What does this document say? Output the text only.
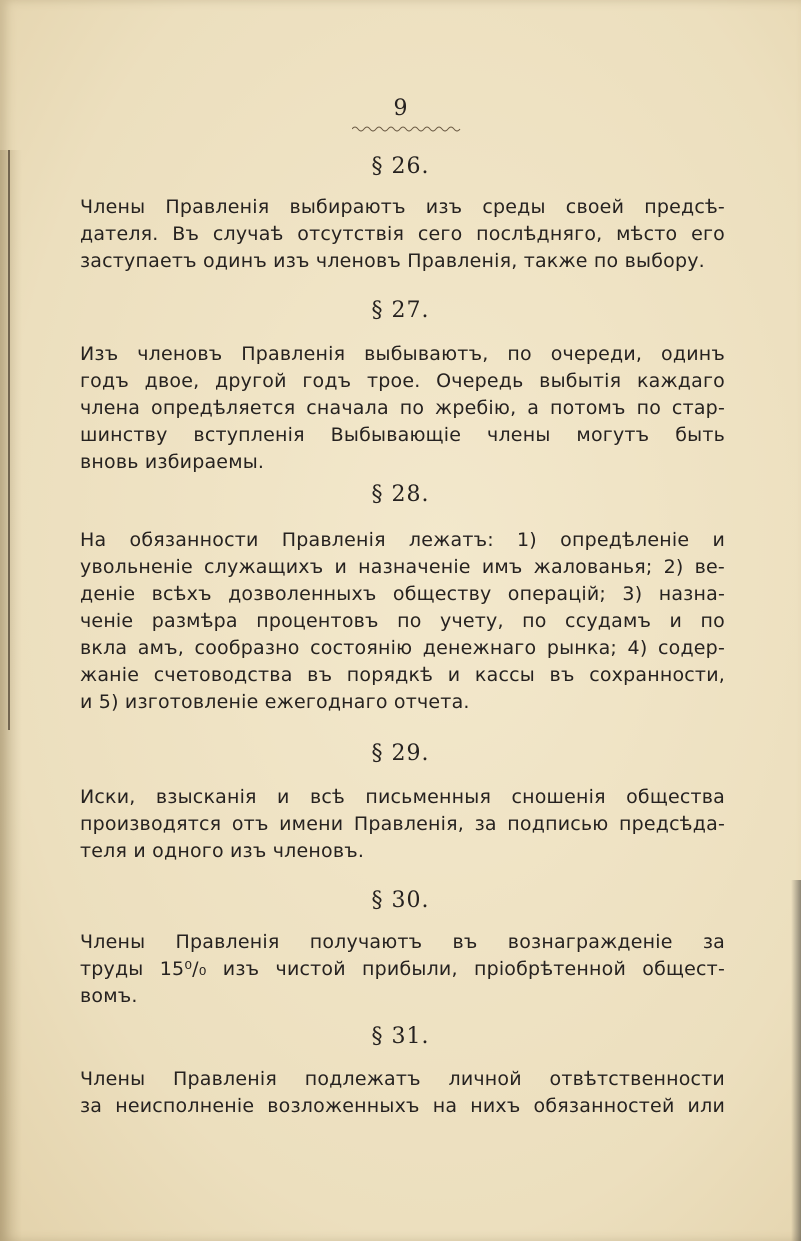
9
§ 26.
Члены Правленія выбираютъ изъ среды своей предсѣ-
дателя. Въ случаѣ отсутствія сего послѣдняго, мѣсто его
заступаетъ одинъ изъ членовъ Правленія, также по выбору.
§ 27.
Изъ членовъ Правленія выбываютъ, по очереди, одинъ
годъ двое, другой годъ трое. Очередь выбытія каждаго
члена опредѣляется сначала по жребію, а потомъ по стар-
шинству вступленія Выбывающіе члены могутъ быть
вновь избираемы.
§ 28.
На обязанности Правленія лежатъ: 1) опредѣленіе и
увольненіе служащихъ и назначеніе имъ жалованья; 2) ве-
деніе всѣхъ дозволенныхъ обществу операцій; 3) назна-
ченіе размѣра процентовъ по учету, по ссудамъ и по
вкла амъ, сообразно состоянію денежнаго рынка; 4) содер-
жаніе счетоводства въ порядкѣ и кассы въ сохранности,
и 5) изготовленіе ежегоднаго отчета.
§ 29.
Иски, взысканія и всѣ письменныя сношенія общества
производятся отъ имени Правленія, за подписью предсѣда-
теля и одного изъ членовъ.
§ 30.
Члены Правленія получаютъ въ вознагражденіе за
труды 15⁰/₀ изъ чистой прибыли, пріобрѣтенной общест-
вомъ.
§ 31.
Члены Правленія подлежатъ личной отвѣтственности
за неисполненіе возложенныхъ на нихъ обязанностей или
